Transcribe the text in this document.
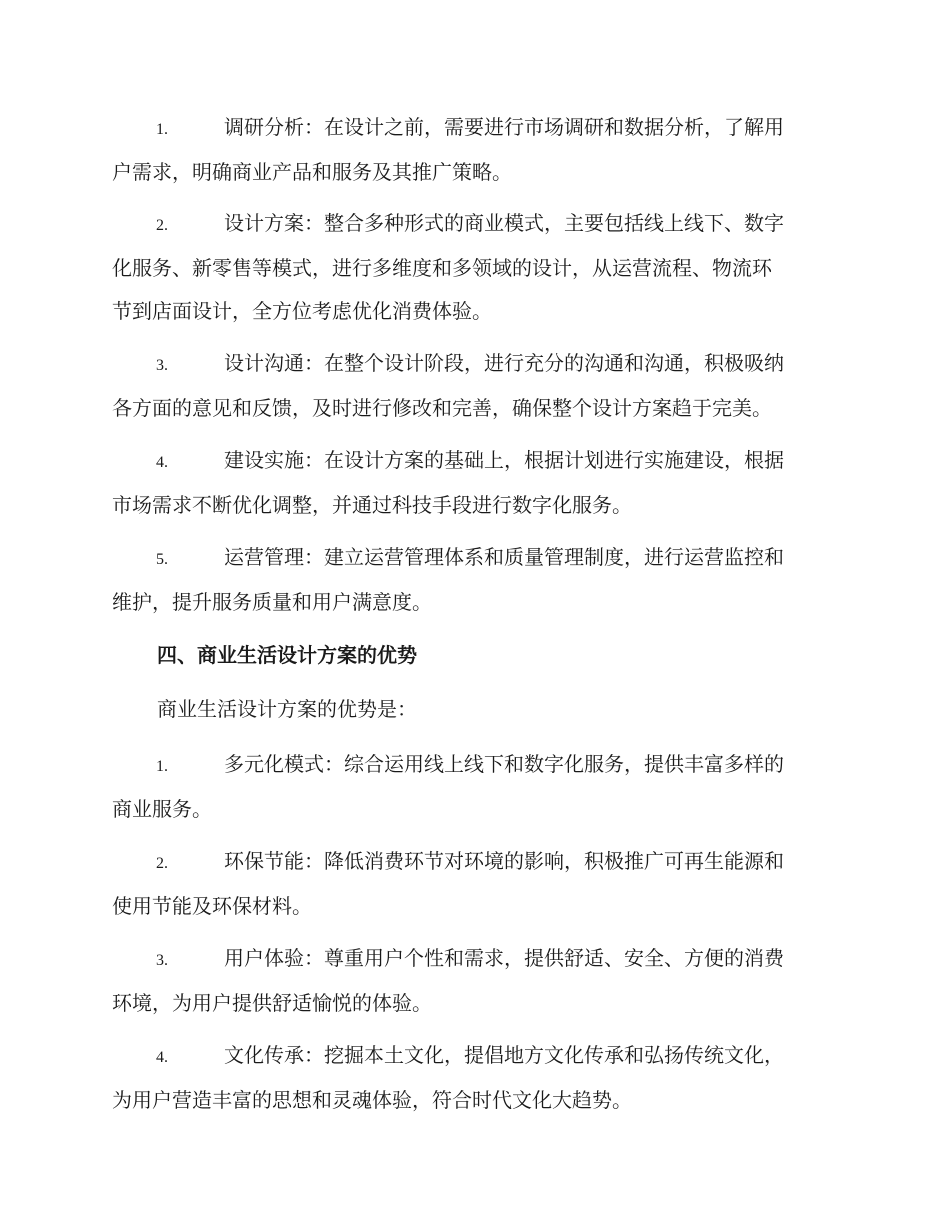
1.	调研分析：在设计之前，需要进行市场调研和数据分析，了解用
户需求，明确商业产品和服务及其推广策略。
2.	设计方案：整合多种形式的商业模式，主要包括线上线下、数字
化服务、新零售等模式，进行多维度和多领域的设计，从运营流程、物流环
节到店面设计，全方位考虑优化消费体验。
3.	设计沟通：在整个设计阶段，进行充分的沟通和沟通，积极吸纳
各方面的意见和反馈，及时进行修改和完善，确保整个设计方案趋于完美。
4.	建设实施：在设计方案的基础上，根据计划进行实施建设，根据
市场需求不断优化调整，并通过科技手段进行数字化服务。
5.	运营管理：建立运营管理体系和质量管理制度，进行运营监控和
维护，提升服务质量和用户满意度。
四、商业生活设计方案的优势
商业生活设计方案的优势是：
1.	多元化模式：综合运用线上线下和数字化服务，提供丰富多样的
商业服务。
2.	环保节能：降低消费环节对环境的影响，积极推广可再生能源和
使用节能及环保材料。
3.	用户体验：尊重用户个性和需求，提供舒适、安全、方便的消费
环境，为用户提供舒适愉悦的体验。
4.	文化传承：挖掘本土文化，提倡地方文化传承和弘扬传统文化，
为用户营造丰富的思想和灵魂体验，符合时代文化大趋势。
